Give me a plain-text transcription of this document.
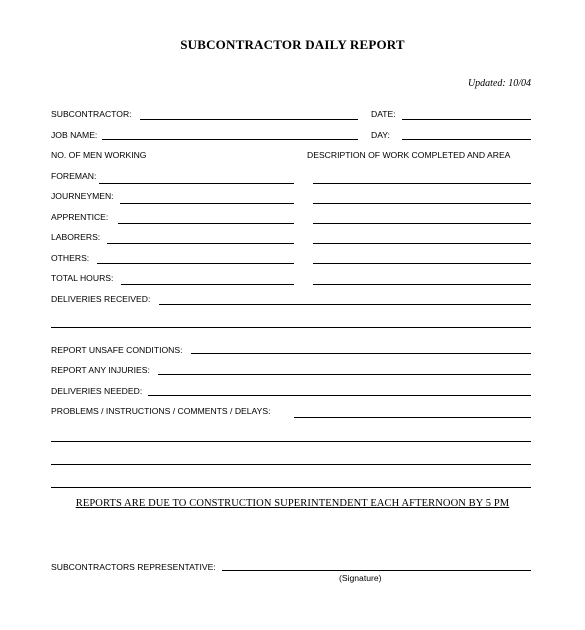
SUBCONTRACTOR DAILY REPORT
Updated: 10/04
SUBCONTRACTOR:	DATE:
JOB NAME:	DAY:
NO. OF MEN WORKING	DESCRIPTION OF WORK COMPLETED AND AREA
FOREMAN:
JOURNEYMEN:
APPRENTICE:
LABORERS:
OTHERS:
TOTAL HOURS:
DELIVERIES RECEIVED:
REPORT UNSAFE CONDITIONS:
REPORT ANY INJURIES:
DELIVERIES NEEDED:
PROBLEMS / INSTRUCTIONS / COMMENTS / DELAYS:
REPORTS ARE DUE TO CONSTRUCTION SUPERINTENDENT EACH AFTERNOON BY 5 PM
SUBCONTRACTORS REPRESENTATIVE:
(Signature)
